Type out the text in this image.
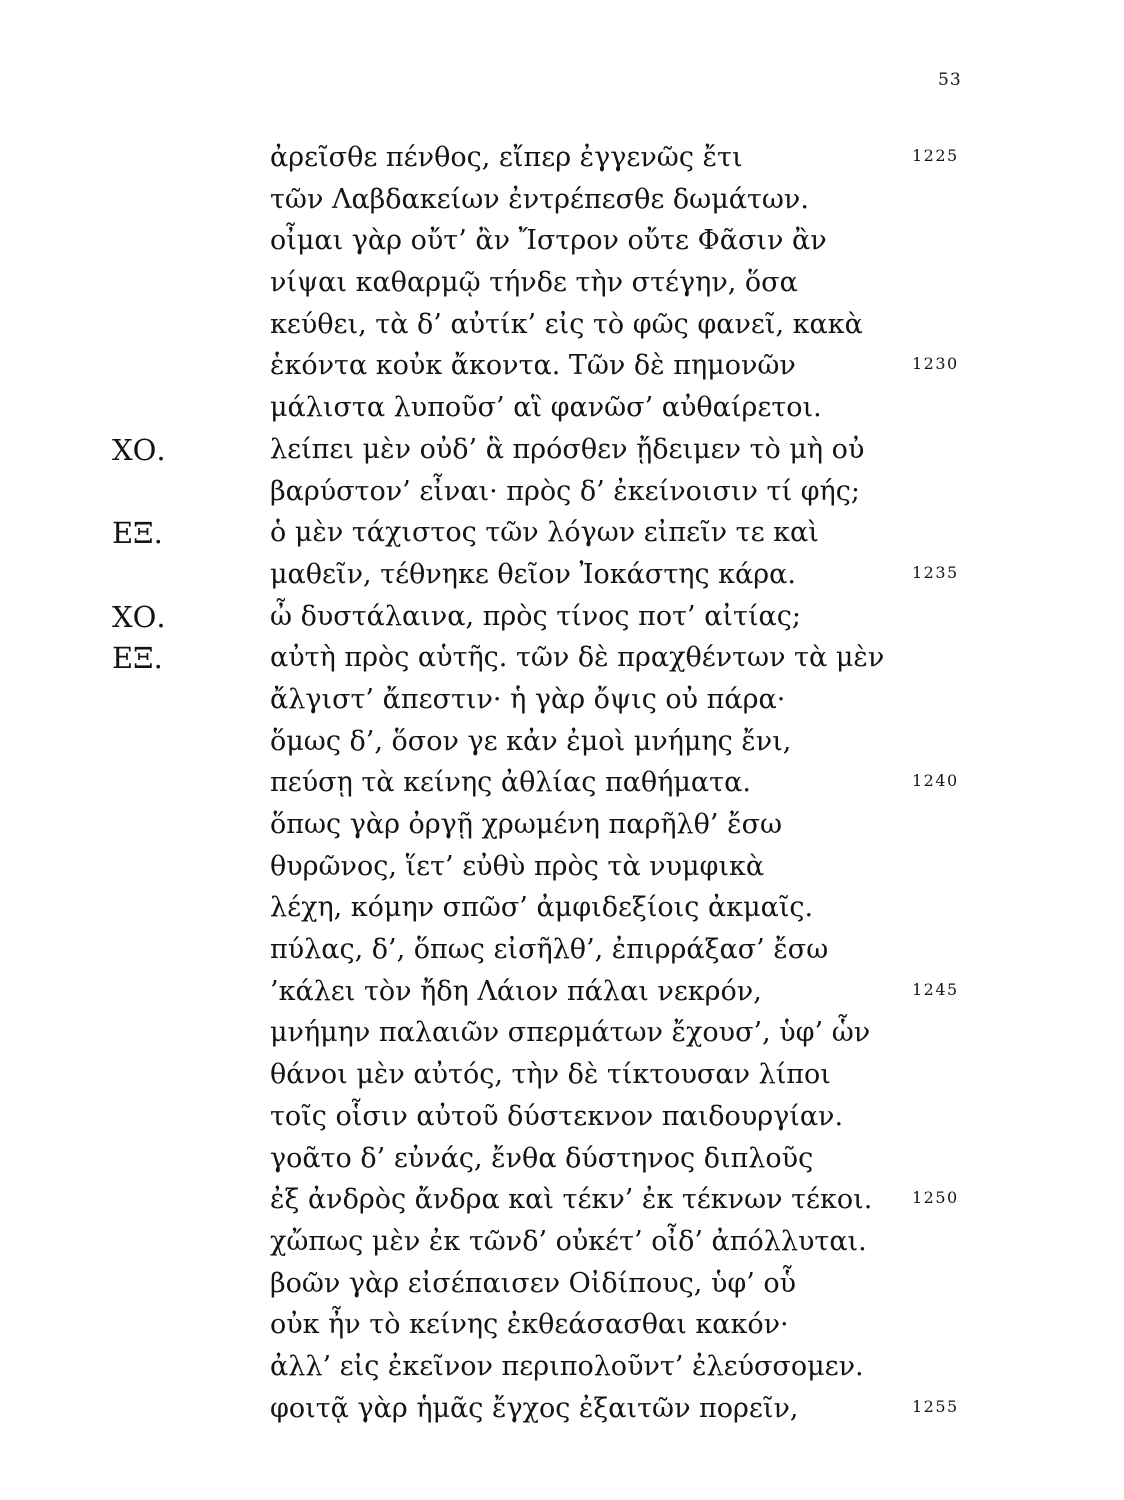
53
ἀρεῖσθε πένθος, εἴπερ ἐγγενῶς ἔτι	1225
τῶν Λαβδακείων ἐντρέπεσθε δωμάτων.
οἶμαι γὰρ οὔτ’ ἂν Ἴστρον οὔτε Φᾶσιν ἂν
νίψαι καθαρμῷ τήνδε τὴν στέγην, ὅσα
κεύθει, τὰ δ’ αὐτίκ’ εἰς τὸ φῶς φανεῖ, κακὰ
ἑκόντα κοὐκ ἄκοντα. Τῶν δὲ πημονῶν	1230
μάλιστα λυποῦσ’ αἳ φανῶσ’ αὐθαίρετοι.
ΧΟ.	λείπει μὲν οὐδ’ ἃ πρόσθεν ᾔδειμεν τὸ μὴ οὐ
βαρύστον’ εἶναι· πρὸς δ’ ἐκείνοισιν τί φής;
ΕΞ.	ὁ μὲν τάχιστος τῶν λόγων εἰπεῖν τε καὶ
μαθεῖν, τέθνηκε θεῖον Ἰοκάστης κάρα.	1235
ΧΟ.	ὦ δυστάλαινα, πρὸς τίνος ποτ’ αἰτίας;
ΕΞ.	αὐτὴ πρὸς αὑτῆς. τῶν δὲ πραχθέντων τὰ μὲν
ἄλγιστ’ ἄπεστιν· ἡ γὰρ ὄψις οὐ πάρα·
ὅμως δ’, ὅσον γε κἀν ἐμοὶ μνήμης ἔνι,
πεύσῃ τὰ κείνης ἀθλίας παθήματα.	1240
ὅπως γὰρ ὀργῇ χρωμένη παρῆλθ’ ἔσω
θυρῶνος, ἵετ’ εὐθὺ πρὸς τὰ νυμφικὰ
λέχη, κόμην σπῶσ’ ἀμφιδεξίοις ἀκμαῖς.
πύλας, δ’, ὅπως εἰσῆλθ’, ἐπιρράξασ’ ἔσω
’κάλει τὸν ἤδη Λάιον πάλαι νεκρόν,	1245
μνήμην παλαιῶν σπερμάτων ἔχουσ’, ὑφ’ ὧν
θάνοι μὲν αὐτός, τὴν δὲ τίκτουσαν λίποι
τοῖς οἷσιν αὐτοῦ δύστεκνον παιδουργίαν.
γοᾶτο δ’ εὐνάς, ἔνθα δύστηνος διπλοῦς
ἐξ ἀνδρὸς ἄνδρα καὶ τέκν’ ἐκ τέκνων τέκοι. 1250
χὤπως μὲν ἐκ τῶνδ’ οὐκέτ’ οἶδ’ ἀπόλλυται.
βοῶν γὰρ εἰσέπαισεν Οἰδίπους, ὑφ’ οὗ
οὐκ ἦν τὸ κείνης ἐκθεάσασθαι κακόν·
ἀλλ’ εἰς ἐκεῖνον περιπολοῦντ’ ἐλεύσσομεν.
φοιτᾷ γὰρ ἡμᾶς ἔγχος ἐξαιτῶν πορεῖν,	1255
